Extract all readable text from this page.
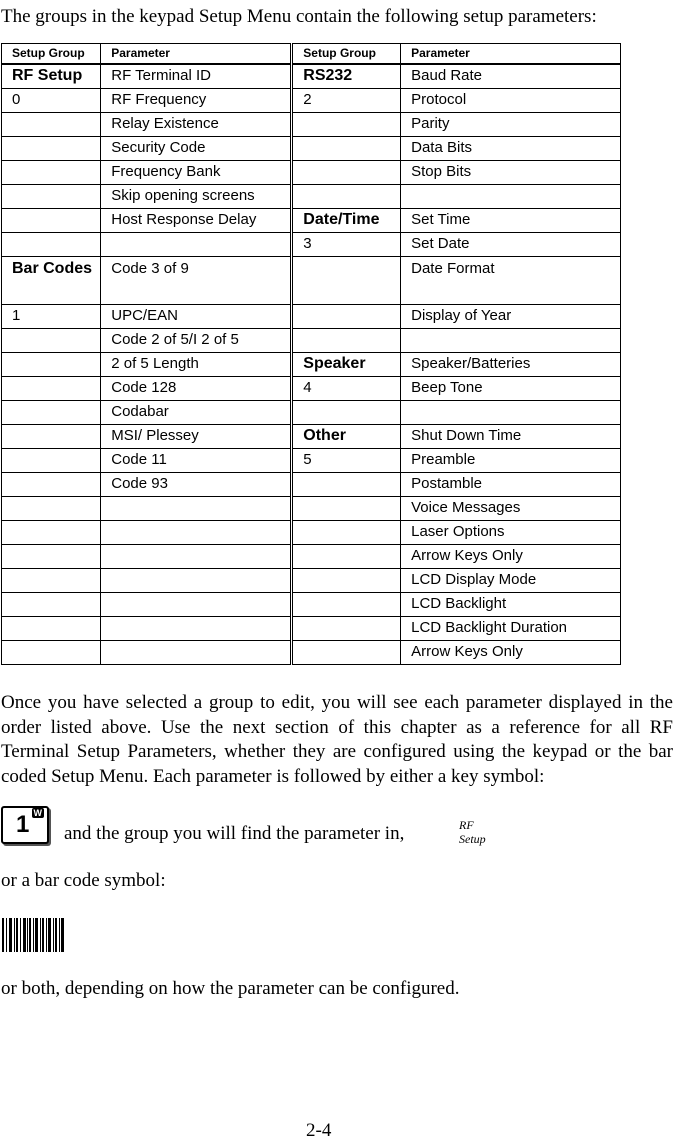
The groups in the keypad Setup Menu contain the following setup parameters:
Setup Group	Parameter	Setup Group	Parameter
RF Setup	RF Terminal ID	RS232	Baud Rate
0	RF Frequency	2	Protocol
	Relay Existence		Parity
	Security Code		Data Bits
	Frequency Bank		Stop Bits
	Skip opening screens		
	Host Response Delay	Date/Time	Set Time
		3	Set Date
Bar Codes	Code 3 of 9		Date Format
1	UPC/EAN		Display of Year
	Code 2 of 5/I 2 of 5		
	2 of 5 Length	Speaker	Speaker/Batteries
	Code 128	4	Beep Tone
	Codabar		
	MSI/ Plessey	Other	Shut Down Time
	Code 11	5	Preamble
	Code 93		Postamble
			Voice Messages
			Laser Options
			Arrow Keys Only
			LCD Display Mode
			LCD Backlight
			LCD Backlight Duration
			Arrow Keys Only
Once you have selected a group to edit, you will see each parameter displayed in the order listed above. Use the next section of this chapter as a reference for all RF Terminal Setup Parameters, whether they are configured using the keypad or the bar coded Setup Menu. Each parameter is followed by either a key symbol:
1 W
and the group you will find the parameter in,	RF
Setup
or a bar code symbol:
or both, depending on how the parameter can be configured.
2-4
